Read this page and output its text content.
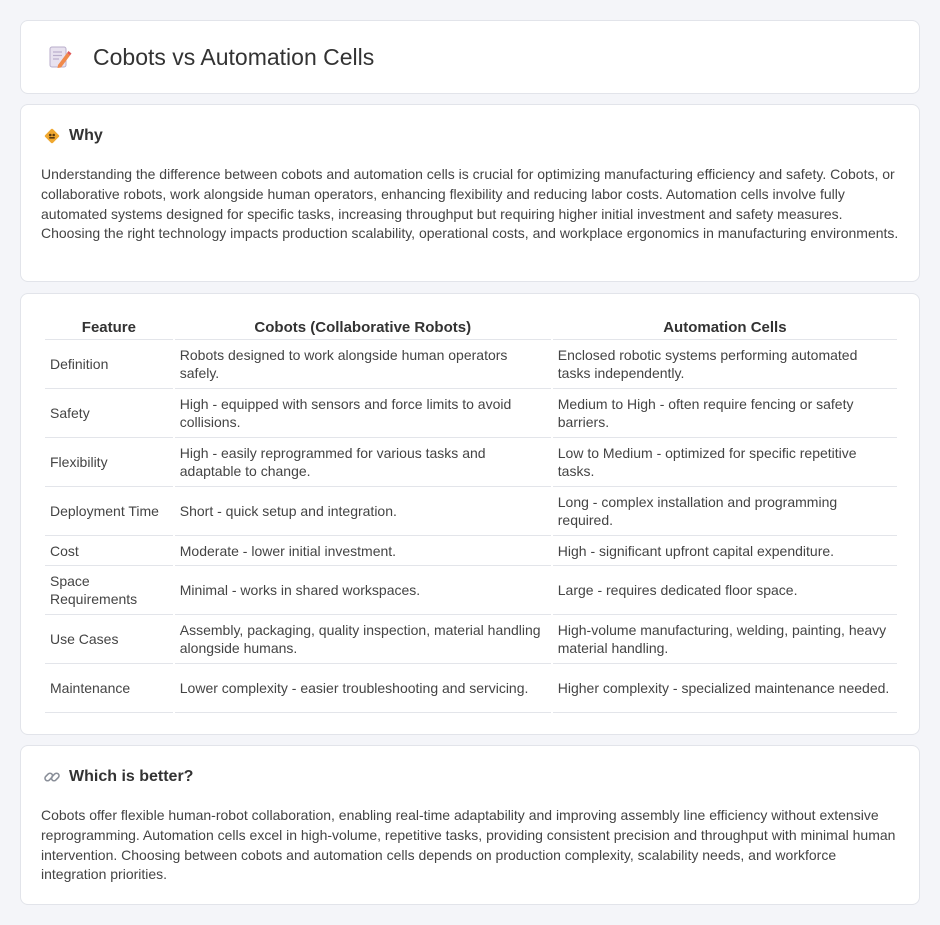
Cobots vs Automation Cells
Why

Understanding the difference between cobots and automation cells is crucial for optimizing manufacturing efficiency and safety. Cobots, or collaborative robots, work alongside human operators, enhancing flexibility and reducing labor costs. Automation cells involve fully automated systems designed for specific tasks, increasing throughput but requiring higher initial investment and safety measures. Choosing the right technology impacts production scalability, operational costs, and workplace ergonomics in manufacturing environments.

Feature	Cobots (Collaborative Robots)	Automation Cells
Definition	Robots designed to work alongside human operators safely.	Enclosed robotic systems performing automated tasks independently.
Safety	High - equipped with sensors and force limits to avoid collisions.	Medium to High - often require fencing or safety barriers.
Flexibility	High - easily reprogrammed for various tasks and adaptable to change.	Low to Medium - optimized for specific repetitive tasks.
Deployment Time	Short - quick setup and integration.	Long - complex installation and programming required.
Cost	Moderate - lower initial investment.	High - significant upfront capital expenditure.
Space Requirements	Minimal - works in shared workspaces.	Large - requires dedicated floor space.
Use Cases	Assembly, packaging, quality inspection, material handling alongside humans.	High-volume manufacturing, welding, painting, heavy material handling.
Maintenance	Lower complexity - easier troubleshooting and servicing.	Higher complexity - specialized maintenance needed.
Which is better?

Cobots offer flexible human-robot collaboration, enabling real-time adaptability and improving assembly line efficiency without extensive reprogramming. Automation cells excel in high-volume, repetitive tasks, providing consistent precision and throughput with minimal human intervention. Choosing between cobots and automation cells depends on production complexity, scalability needs, and workforce integration priorities.
